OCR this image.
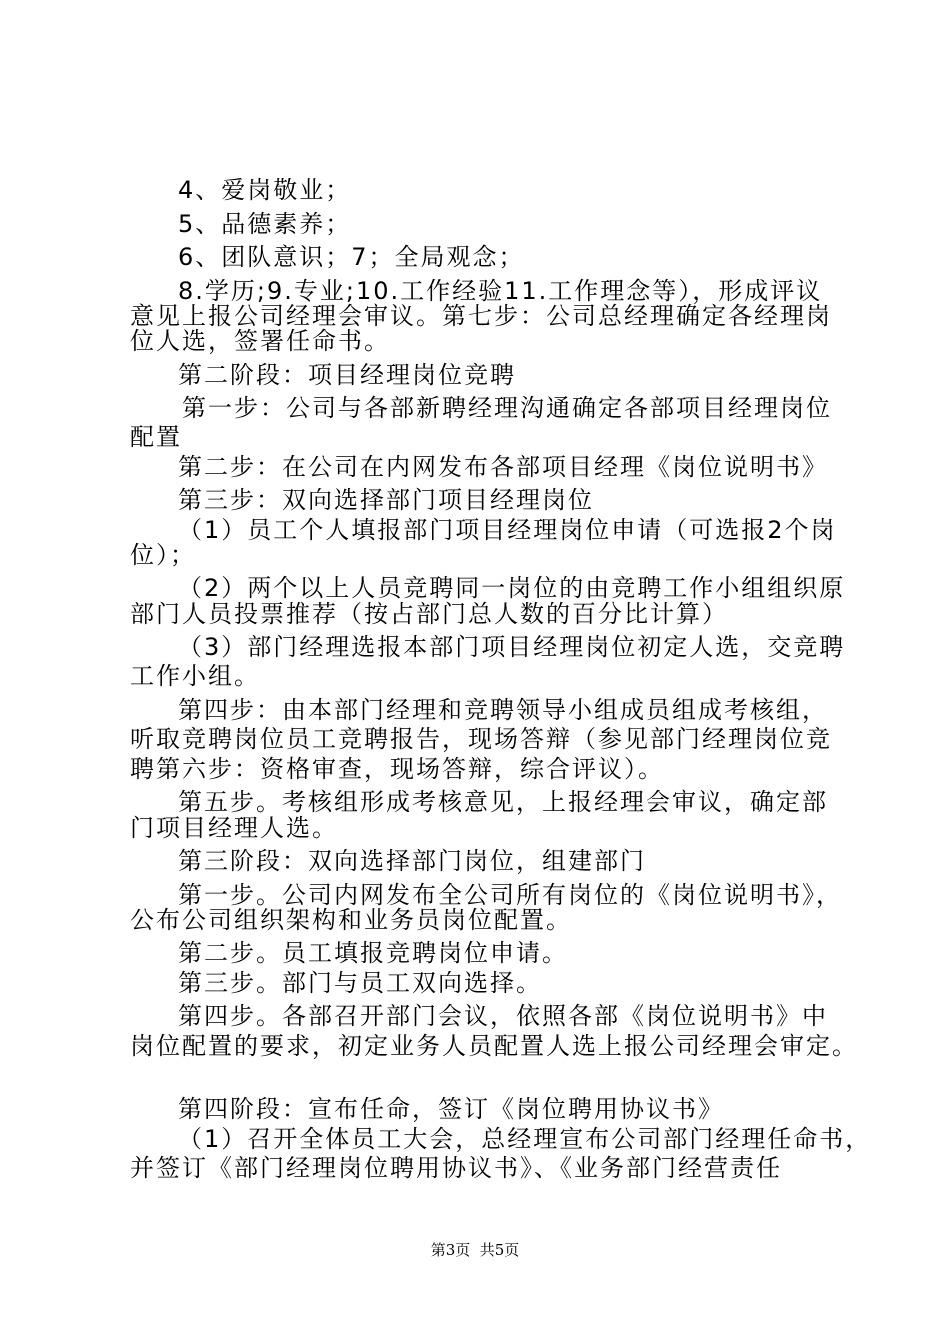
4、爱岗敬业；
5、品德素养；
6、团队意识；7；全局观念；
8.学历;9.专业;10.工作经验11.工作理念等），形成评议
意见上报公司经理会审议。第七步：公司总经理确定各经理岗
位人选，签署任命书。
第二阶段：项目经理岗位竞聘
第一步：公司与各部新聘经理沟通确定各部项目经理岗位
配置
第二步：在公司在内网发布各部项目经理《岗位说明书》
第三步：双向选择部门项目经理岗位
（1）员工个人填报部门项目经理岗位申请（可选报2个岗
位）；
（2）两个以上人员竞聘同一岗位的由竞聘工作小组组织原
部门人员投票推荐（按占部门总人数的百分比计算）
（3）部门经理选报本部门项目经理岗位初定人选，交竞聘
工作小组。
第四步：由本部门经理和竞聘领导小组成员组成考核组，
听取竞聘岗位员工竞聘报告，现场答辩（参见部门经理岗位竞
聘第六步：资格审查，现场答辩，综合评议）。
第五步。考核组形成考核意见，上报经理会审议，确定部
门项目经理人选。
第三阶段：双向选择部门岗位，组建部门
第一步。公司内网发布全公司所有岗位的《岗位说明书》，
公布公司组织架构和业务员岗位配置。
第二步。员工填报竞聘岗位申请。
第三步。部门与员工双向选择。
第四步。各部召开部门会议，依照各部《岗位说明书》中
岗位配置的要求，初定业务人员配置人选上报公司经理会审定。
第四阶段：宣布任命，签订《岗位聘用协议书》
（1）召开全体员工大会，总经理宣布公司部门经理任命书，
并签订《部门经理岗位聘用协议书》、《业务部门经营责任
第3页  共5页
